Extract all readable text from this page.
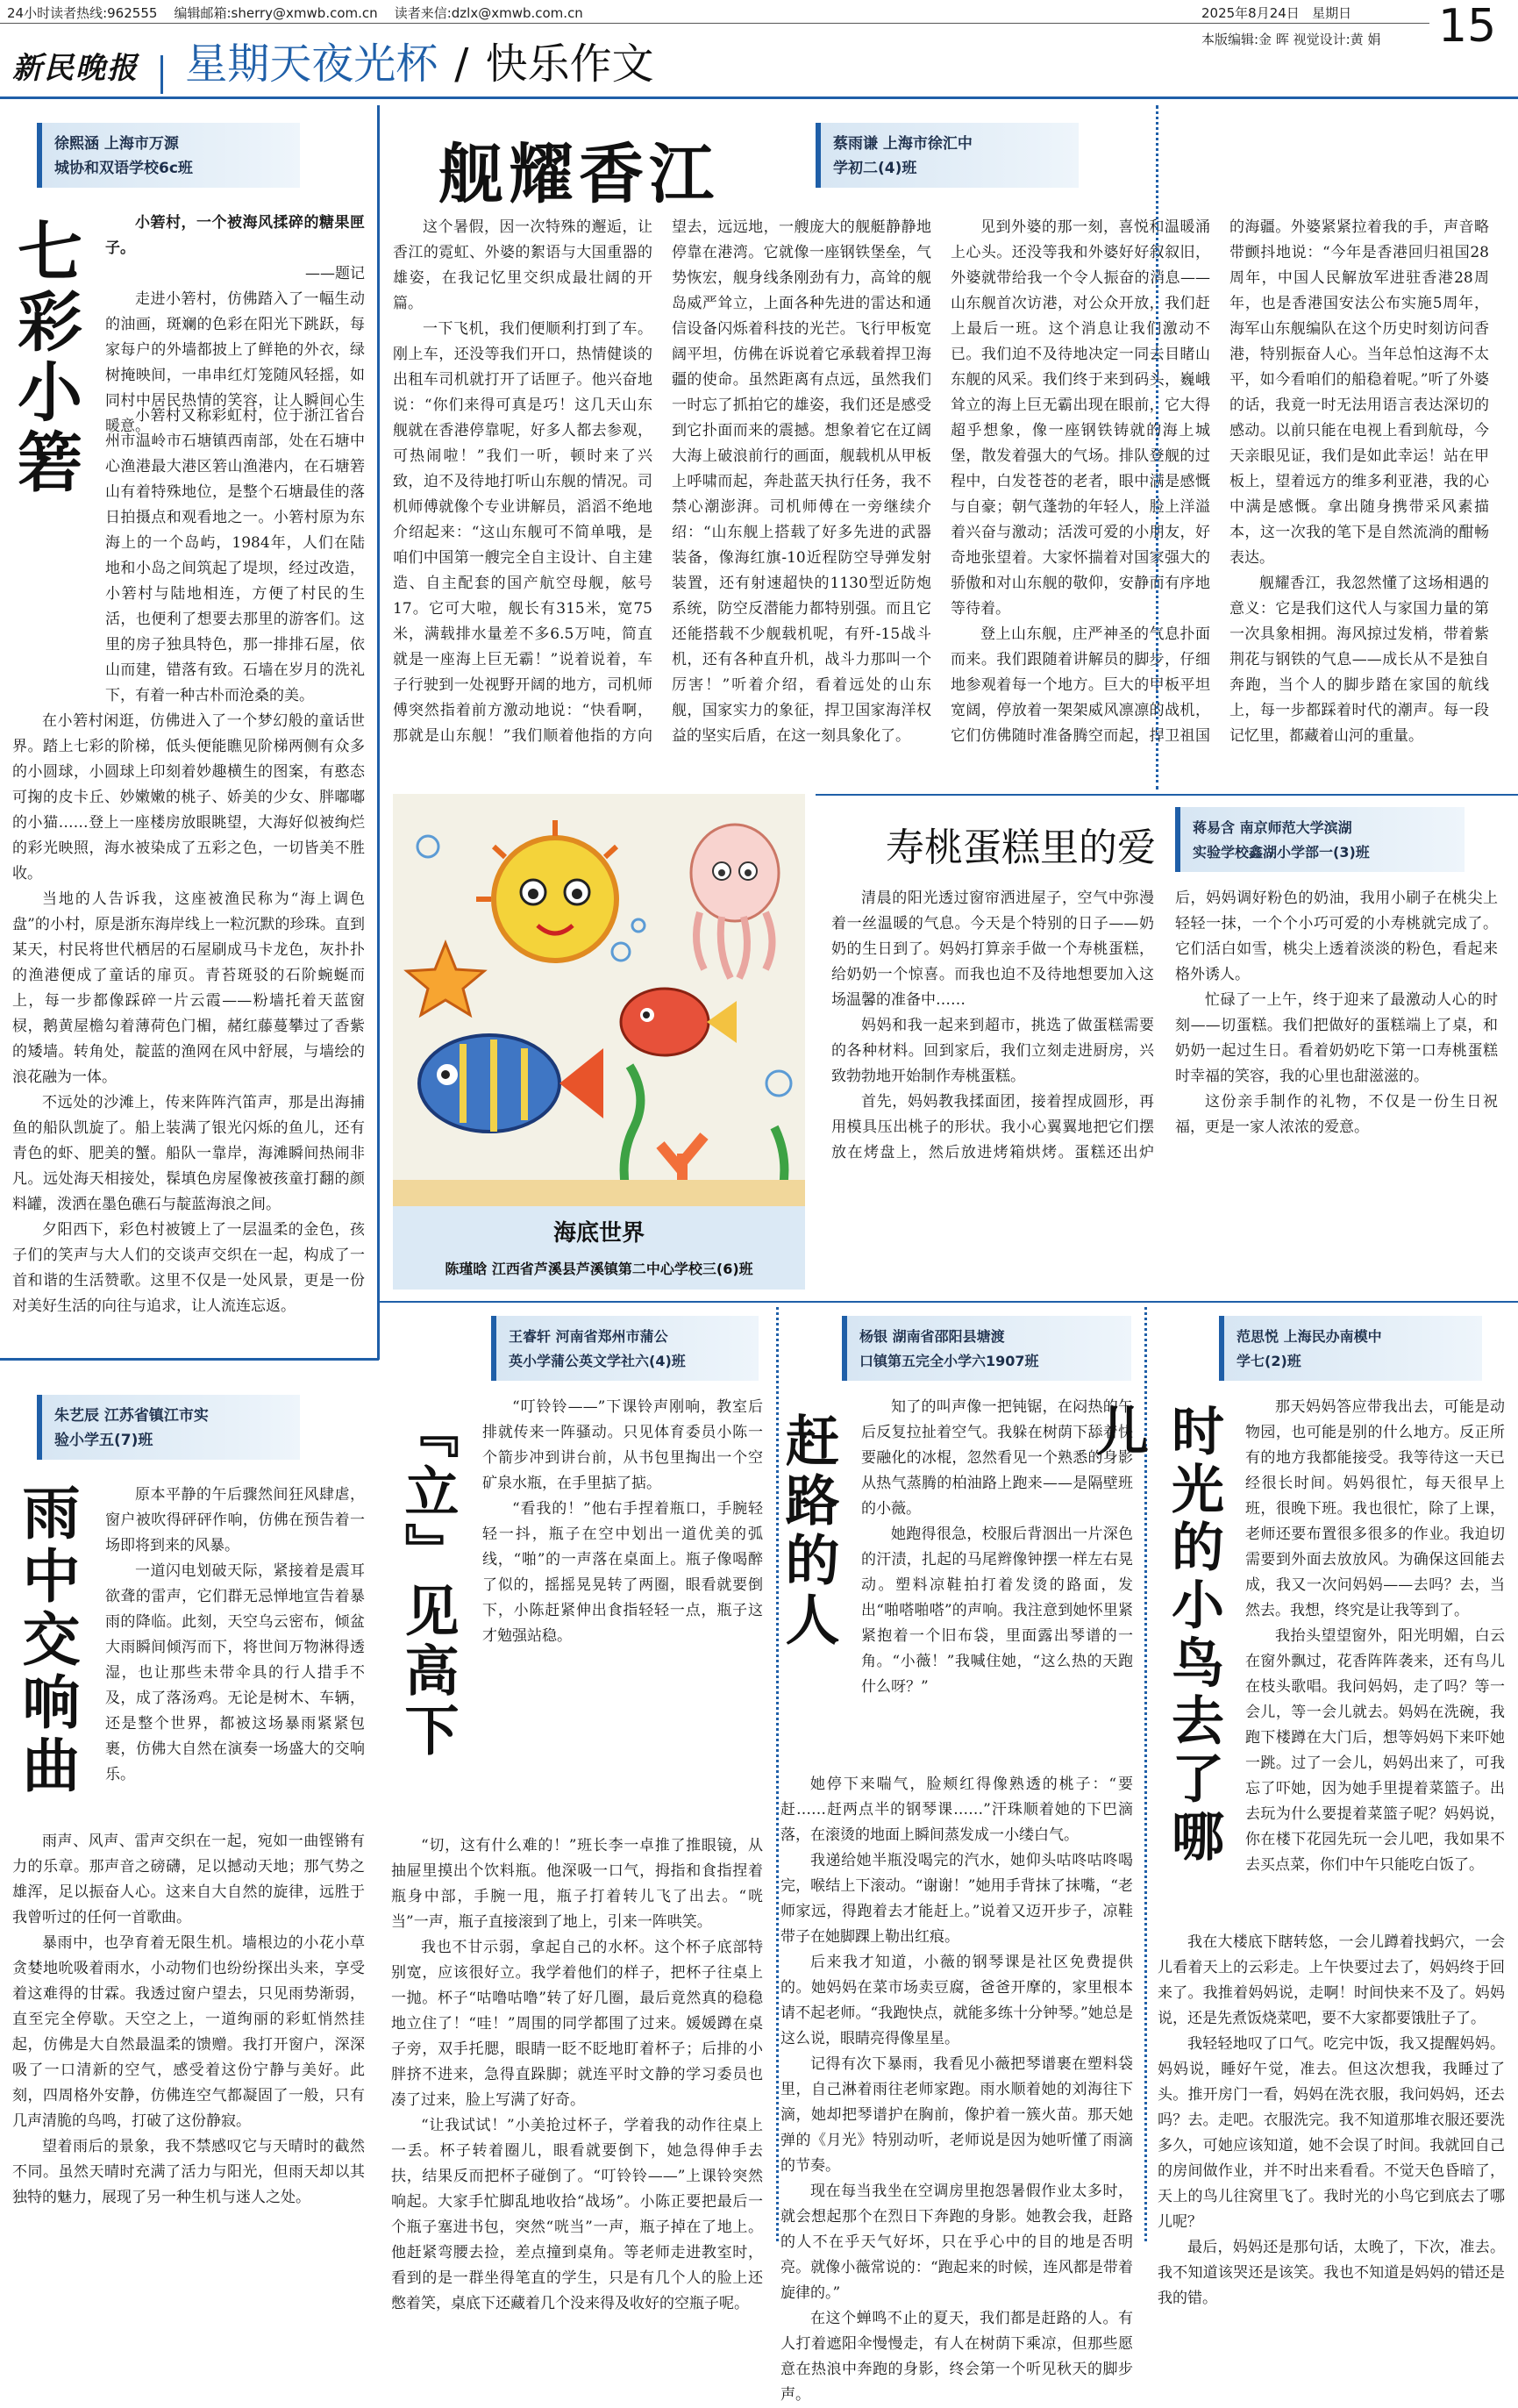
24小时读者热线:962555 编辑邮箱:sherry@xmwb.com.cn 读者来信:dzlx@xmwb.com.cn	2025年8月24日 星期日	15
新民晚报 星期天夜光杯 / 快乐作文	本版编辑:金 晖 视觉设计:黄 娟
徐熙涵 上海市万源
城协和双语学校6c班
七彩小箬

小箬村，一个被海风揉碎的糖果匣子。

——题记

走进小箬村，仿佛踏入了一幅生动的油画，斑斓的色彩在阳光下跳跃，每家每户的外墙都披上了鲜艳的外衣，绿树掩映间，一串串红灯笼随风轻摇，如同村中居民热情的笑容，让人瞬间心生暖意。

小箬村又称彩虹村，位于浙江省台州市温岭市石塘镇西南部，处在石塘中心渔港最大港区箬山渔港内，在石塘箬山有着特殊地位，是整个石塘最佳的落日拍摄点和观看地之一。小箬村原为东海上的一个岛屿，1984年，人们在陆地和小岛之间筑起了堤坝，经过改造，小箬村与陆地相连，方便了村民的生活，也便利了想要去那里的游客们。这里的房子独具特色，那一排排石屋，依山而建，错落有致。石墙在岁月的洗礼下，有着一种古朴而沧桑的美。

在小箬村闲逛，仿佛进入了一个梦幻般的童话世界。踏上七彩的阶梯，低头便能瞧见阶梯两侧有众多的小圆球，小圆球上印刻着妙趣横生的图案，有憨态可掬的皮卡丘、妙嫩嫩的桃子、娇美的少女、胖嘟嘟的小猫……登上一座楼房放眼眺望，大海好似被绚烂的彩光映照，海水被染成了五彩之色，一切皆美不胜收。

当地的人告诉我，这座被渔民称为“海上调色盘”的小村，原是浙东海岸线上一粒沉默的珍珠。直到某天，村民将世代栖居的石屋刷成马卡龙色，灰扑扑的渔港便成了童话的扉页。青苔斑驳的石阶蜿蜒而上，每一步都像踩碎一片云霞——粉墙托着天蓝窗棂，鹅黄屋檐勾着薄荷色门楣，赭红藤蔓攀过了香紫的矮墙。转角处，靛蓝的渔网在风中舒展，与墙绘的浪花融为一体。

不远处的沙滩上，传来阵阵汽笛声，那是出海捕鱼的船队凯旋了。船上装满了银光闪烁的鱼儿，还有青色的虾、肥美的蟹。船队一靠岸，海滩瞬间热闹非凡。远处海天相接处，髹填色房屋像被孩童打翻的颜料罐，泼洒在墨色礁石与靛蓝海浪之间。

夕阳西下，彩色村被镀上了一层温柔的金色，孩子们的笑声与大人们的交谈声交织在一起，构成了一首和谐的生活赞歌。这里不仅是一处风景，更是一份对美好生活的向往与追求，让人流连忘返。

朱艺辰 江苏省镇江市实
验小学五(7)班
雨中交响曲	原本平静的午后骤然间狂风肆虐，窗户被吹得砰砰作响，仿佛在预告着一场即将到来的风暴。

一道闪电划破天际，紧接着是震耳欲聋的雷声，它们群无忌惮地宣告着暴雨的降临。此刻，天空乌云密布，倾盆大雨瞬间倾泻而下，将世间万物淋得透湿，也让那些未带伞具的行人措手不及，成了落汤鸡。无论是树木、车辆，还是整个世界，都被这场暴雨紧紧包裹，仿佛大自然在演奏一场盛大的交响乐。

雨声、风声、雷声交织在一起，宛如一曲铿锵有力的乐章。那声音之磅礴，足以撼动天地；那气势之雄浑，足以振奋人心。这来自大自然的旋律，远胜于我曾听过的任何一首歌曲。

暴雨中，也孕育着无限生机。墙根边的小花小草贪婪地吮吸着雨水，小动物们也纷纷探出头来，享受着这难得的甘霖。我透过窗户望去，只见雨势渐弱，直至完全停歇。天空之上，一道绚丽的彩虹悄然挂起，仿佛是大自然最温柔的馈赠。我打开窗户，深深吸了一口清新的空气，感受着这份宁静与美好。此刻，四周格外安静，仿佛连空气都凝固了一般，只有几声清脆的鸟鸣，打破了这份静寂。

望着雨后的景象，我不禁感叹它与天晴时的截然不同。虽然天晴时充满了活力与阳光，但雨天却以其独特的魅力，展现了另一种生机与迷人之处。

舰耀香江	蔡雨谦 上海市徐汇中
学初二(4)班

这个暑假，因一次特殊的邂逅，让香江的霓虹、外婆的絮语与大国重器的雄姿，在我记忆里交织成最壮阔的开篇。

一下飞机，我们便顺利打到了车。刚上车，还没等我们开口，热情健谈的出租车司机就打开了话匣子。他兴奋地说：“你们来得可真是巧！这几天山东舰就在香港停靠呢，好多人都去参观，可热闹啦！”我们一听，顿时来了兴致，迫不及待地打听山东舰的情况。司机师傅就像个专业讲解员，滔滔不绝地介绍起来：“这山东舰可不简单哦，是咱们中国第一艘完全自主设计、自主建造、自主配套的国产航空母舰，舷号17。它可大啦，舰长有315米，宽75米，满载排水量差不多6.5万吨，简直就是一座海上巨无霸！”说着说着，车子行驶到一处视野开阔的地方，司机师傅突然指着前方激动地说：“快看啊，那就是山东舰！”我们顺着他指的方向望去，远远地，一艘庞大的舰艇静静地停靠在港湾。它就像一座钢铁堡垒，气势恢宏，舰身线条刚劲有力，高耸的舰岛威严耸立，上面各种先进的雷达和通信设备闪烁着科技的光芒。飞行甲板宽阔平坦，仿佛在诉说着它承载着捍卫海疆的使命。虽然距离有点远，虽然我们一时忘了抓拍它的雄姿，我们还是感受到它扑面而来的震撼。想象着它在辽阔大海上破浪前行的画面，舰载机从甲板上呼啸而起，奔赴蓝天执行任务，我不禁心潮澎湃。司机师傅在一旁继续介绍：“山东舰上搭载了好多先进的武器装备，像海红旗-10近程防空导弹发射装置，还有射速超快的1130型近防炮系统，防空反潜能力都特别强。而且它还能搭载不少舰载机呢，有歼-15战斗机，还有各种直升机，战斗力那叫一个厉害！”听着介绍，看着远处的山东舰，国家实力的象征，捍卫国家海洋权益的坚实后盾，在这一刻具象化了。

见到外婆的那一刻，喜悦和温暖涌上心头。还没等我和外婆好好叙叙旧，外婆就带给我一个令人振奋的消息——山东舰首次访港，对公众开放，我们赶上最后一班。这个消息让我们激动不已。我们迫不及待地决定一同去目睹山东舰的风采。我们终于来到码头，巍峨耸立的海上巨无霸出现在眼前，它大得超乎想象，像一座钢铁铸就的海上城堡，散发着强大的气场。排队登舰的过程中，白发苍苍的老者，眼中满是感慨与自豪；朝气蓬勃的年轻人，脸上洋溢着兴奋与激动；活泼可爱的小朋友，好奇地张望着。大家怀揣着对国家强大的骄傲和对山东舰的敬仰，安静而有序地等待着。

登上山东舰，庄严神圣的气息扑面而来。我们跟随着讲解员的脚步，仔细地参观着每一个地方。巨大的甲板平坦宽阔，停放着一架架威风凛凛的战机，它们仿佛随时准备腾空而起，捍卫祖国的海疆。外婆紧紧拉着我的手，声音略带颤抖地说：“今年是香港回归祖国28周年，中国人民解放军进驻香港28周年，也是香港国安法公布实施5周年，海军山东舰编队在这个历史时刻访问香港，特别振奋人心。当年总怕这海不太平，如今看咱们的船稳着呢。”听了外婆的话，我竟一时无法用语言表达深切的感动。以前只能在电视上看到航母，今天亲眼见证，我们是如此幸运！站在甲板上，望着远方的维多利亚港，我的心中满是感慨。拿出随身携带采风素描本，这一次我的笔下是自然流淌的酣畅表达。

舰耀香江，我忽然懂了这场相遇的意义：它是我们这代人与家国力量的第一次具象相拥。海风掠过发梢，带着紫荆花与钢铁的气息——成长从不是独自奔跑，当个人的脚步踏在家国的航线上，每一步都踩着时代的潮声。每一段记忆里，都藏着山河的重量。

海底世界
陈瑾晗 江西省芦溪县芦溪镇第二中心学校三(6)班
寿桃蛋糕里的爱	蒋易含 南京师范大学滨湖
实验学校鑫湖小学部一(3)班

清晨的阳光透过窗帘洒进屋子，空气中弥漫着一丝温暖的气息。今天是个特别的日子——奶奶的生日到了。妈妈打算亲手做一个寿桃蛋糕，给奶奶一个惊喜。而我也迫不及待地想要加入这场温馨的准备中……

妈妈和我一起来到超市，挑选了做蛋糕需要的各种材料。回到家后，我们立刻走进厨房，兴致勃勃地开始制作寿桃蛋糕。

首先，妈妈教我揉面团，接着捏成圆形，再用模具压出桃子的形状。我小心翼翼地把它们摆放在烤盘上，然后放进烤箱烘烤。蛋糕还出炉后，妈妈调好粉色的奶油，我用小刷子在桃尖上轻轻一抹，一个个小巧可爱的小寿桃就完成了。它们活白如雪，桃尖上透着淡淡的粉色，看起来格外诱人。

忙碌了一上午，终于迎来了最激动人心的时刻——切蛋糕。我们把做好的蛋糕端上了桌，和奶奶一起过生日。看着奶奶吃下第一口寿桃蛋糕时幸福的笑容，我的心里也甜滋滋的。

这份亲手制作的礼物，不仅是一份生日祝福，更是一家人浓浓的爱意。

王睿轩 河南省郑州市蒲公
英小学蒲公英文学社六(4)班
『立』见高下	“叮铃铃——”下课铃声刚响，教室后排就传来一阵骚动。只见体育委员小陈一个箭步冲到讲台前，从书包里掏出一个空矿泉水瓶，在手里掂了掂。

“看我的！”他右手捏着瓶口，手腕轻轻一抖，瓶子在空中划出一道优美的弧线，“啪”的一声落在桌面上。瓶子像喝醉了似的，摇摇晃晃转了两圈，眼看就要倒下，小陈赶紧伸出食指轻轻一点，瓶子这才勉强站稳。

“切，这有什么难的！”班长李一卓推了推眼镜，从抽屉里摸出个饮料瓶。他深吸一口气，拇指和食指捏着瓶身中部，手腕一甩，瓶子打着转儿飞了出去。“咣当”一声，瓶子直接滚到了地上，引来一阵哄笑。

我也不甘示弱，拿起自己的水杯。这个杯子底部特别宽，应该很好立。我学着他们的样子，把杯子往桌上一抛。杯子“咕噜咕噜”转了好几圈，最后竟然真的稳稳地立住了！“哇！”周围的同学都围了过来。媛媛蹲在桌子旁，双手托腮，眼睛一眨不眨地盯着杯子；后排的小胖挤不进来，急得直跺脚；就连平时文静的学习委员也凑了过来，脸上写满了好奇。

“让我试试！”小美抢过杯子，学着我的动作往桌上一丢。杯子转着圈儿，眼看就要倒下，她急得伸手去扶，结果反而把杯子碰倒了。“叮铃铃——”上课铃突然响起。大家手忙脚乱地收拾“战场”。小陈正要把最后一个瓶子塞进书包，突然“咣当”一声，瓶子掉在了地上。他赶紧弯腰去捡，差点撞到桌角。等老师走进教室时，看到的是一群坐得笔直的学生，只是有几个人的脸上还憋着笑，桌底下还藏着几个没来得及收好的空瓶子呢。

杨银 湖南省邵阳县塘渡
口镇第五完全小学六1907班
赶路的人

知了的叫声像一把钝锯，在闷热的午后反复拉扯着空气。我躲在树荫下舔着快要融化的冰棍，忽然看见一个熟悉的身影从热气蒸腾的柏油路上跑来——是隔壁班的小薇。

她跑得很急，校服后背洇出一片深色的汗渍，扎起的马尾辫像钟摆一样左右晃动。塑料凉鞋拍打着发烫的路面，发出“啪嗒啪嗒”的声响。我注意到她怀里紧紧抱着一个旧布袋，里面露出琴谱的一角。“小薇！”我喊住她，“这么热的天跑什么呀？”

她停下来喘气，脸颊红得像熟透的桃子：“要赶……赶两点半的钢琴课……”汗珠顺着她的下巴滴落，在滚烫的地面上瞬间蒸发成一小缕白气。

我递给她半瓶没喝完的汽水，她仰头咕咚咕咚喝完，喉结上下滚动。“谢谢！”她用手背抹了抹嘴，“老师家远，得跑着去才能赶上。”说着又迈开步子，凉鞋带子在她脚踝上勒出红痕。

后来我才知道，小薇的钢琴课是社区免费提供的。她妈妈在菜市场卖豆腐，爸爸开摩的，家里根本请不起老师。“我跑快点，就能多练十分钟琴。”她总是这么说，眼睛亮得像星星。

记得有次下暴雨，我看见小薇把琴谱裹在塑料袋里，自己淋着雨往老师家跑。雨水顺着她的刘海往下滴，她却把琴谱护在胸前，像护着一簇火苗。那天她弹的《月光》特别动听，老师说是因为她听懂了雨滴的节奏。

现在每当我坐在空调房里抱怨暑假作业太多时，就会想起那个在烈日下奔跑的身影。她教会我，赶路的人不在乎天气好坏，只在乎心中的目的地是否明亮。就像小薇常说的：“跑起来的时候，连风都是带着旋律的。”

在这个蝉鸣不止的夏天，我们都是赶路的人。有人打着遮阳伞慢慢走，有人在树荫下乘凉，但那些愿意在热浪中奔跑的身影，终会第一个听见秋天的脚步声。

范思悦 上海民办南模中
学七(2)班
时光的小鸟去了哪儿	那天妈妈答应带我出去，可能是动物园，也可能是别的什么地方。反正所有的地方我都能接受。我等待这一天已经很长时间。妈妈很忙，每天很早上班，很晚下班。我也很忙，除了上课，老师还要布置很多很多的作业。我迫切需要到外面去放放风。为确保这回能去成，我又一次问妈妈——去吗？去，当然去。我想，终究是让我等到了。

我抬头望望窗外，阳光明媚，白云在窗外飘过，花香阵阵袭来，还有鸟儿在枝头歌唱。我问妈妈，走了吗？等一会儿，等一会儿就去。妈妈在洗碗，我跑下楼蹲在大门后，想等妈妈下来吓她一跳。过了一会儿，妈妈出来了，可我忘了吓她，因为她手里提着菜篮子。出去玩为什么要提着菜篮子呢？妈妈说，你在楼下花园先玩一会儿吧，我如果不去买点菜，你们中午只能吃白饭了。

我在大楼底下瞎转悠，一会儿蹲着找蚂穴，一会儿看着天上的云彩走。上午快要过去了，妈妈终于回来了。我推着妈妈说，走啊！时间快来不及了。妈妈说，还是先煮饭烧菜吧，要不大家都要饿肚子了。

我轻轻地叹了口气。吃完中饭，我又提醒妈妈。妈妈说，睡好午觉，准去。但这次想我，我睡过了头。推开房门一看，妈妈在洗衣服，我问妈妈，还去吗？去。走吧。衣服洗完。我不知道那堆衣服还要洗多久，可她应该知道，她不会误了时间。我就回自己的房间做作业，并不时出来看看。不觉天色昏暗了，天上的鸟儿往窝里飞了。我时光的小鸟它到底去了哪儿呢？

最后，妈妈还是那句话，太晚了，下次，准去。我不知道该哭还是该笑。我也不知道是妈妈的错还是我的错。
